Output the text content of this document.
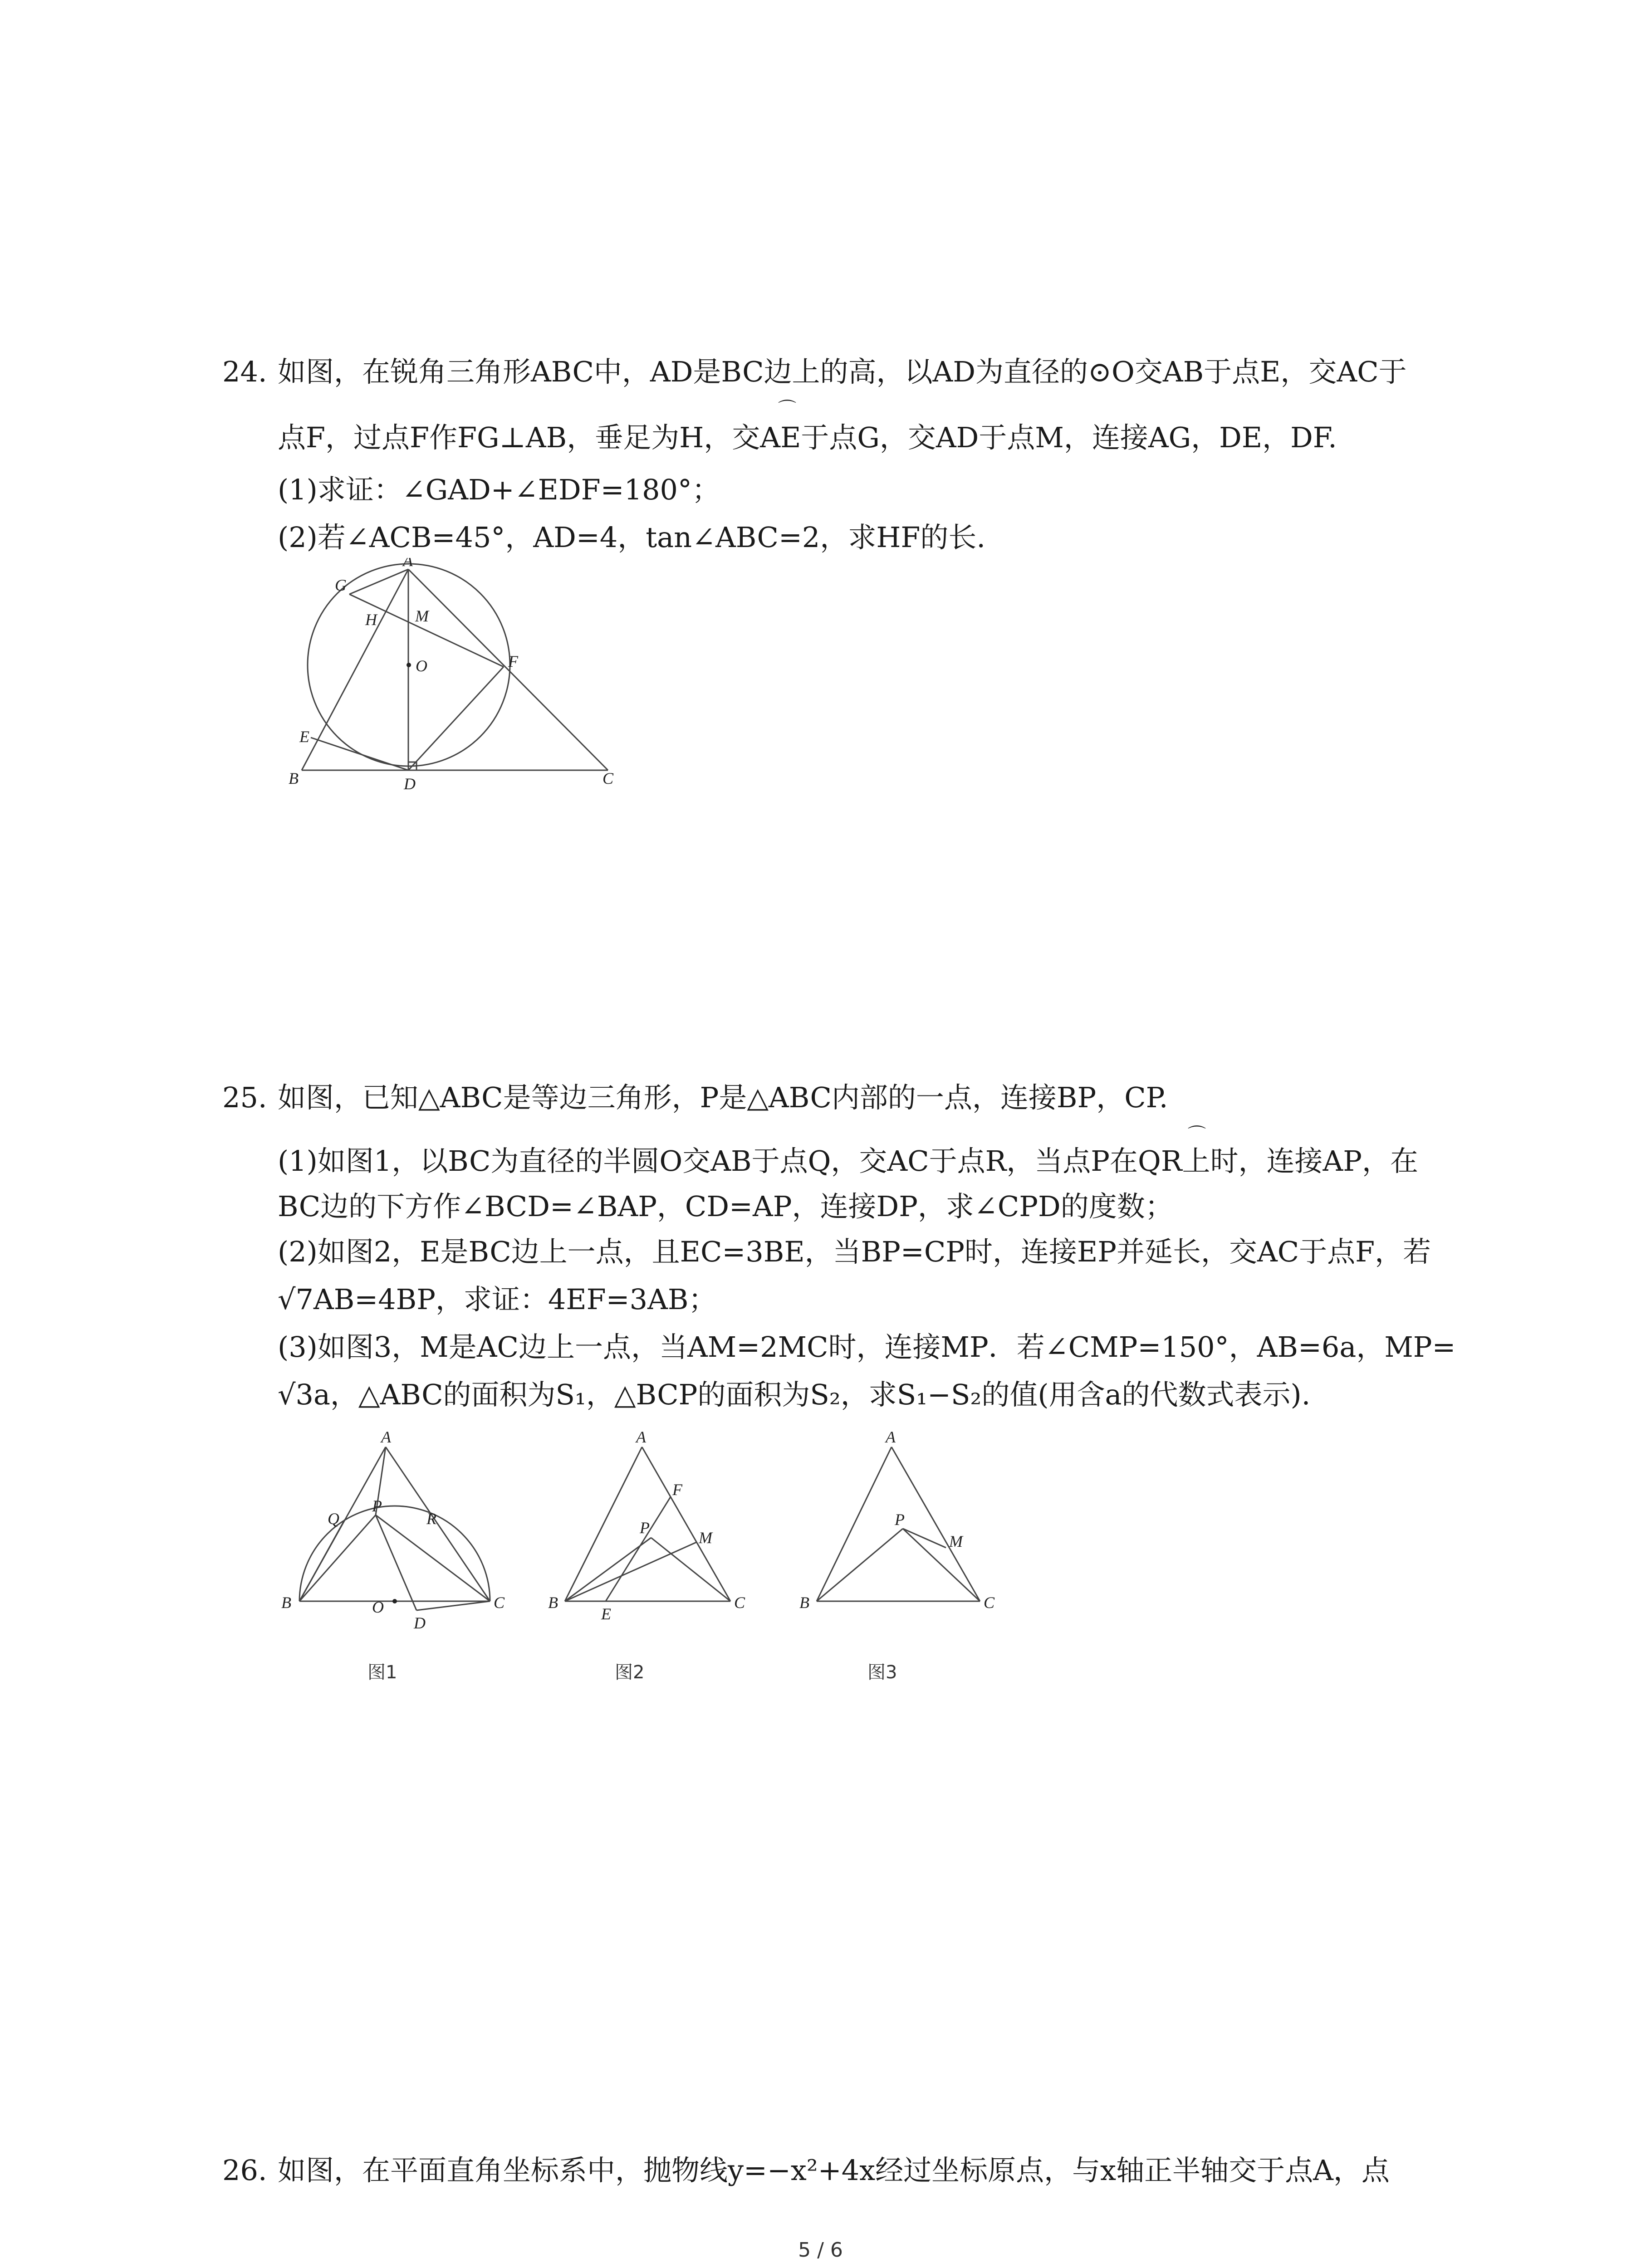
24. 如图，在锐角三角形ABC中，AD是BC边上的高，以AD为直径的⊙O交AB于点E，交AC于
⌒
点F，过点F作FG⊥AB，垂足为H，交AE于点G，交AD于点M，连接AG，DE，DF.
(1)求证：∠GAD+∠EDF=180°；
(2)若∠ACB=45°，AD=4，tan∠ABC=2，求HF的长.
A
G
H M
O	F
E
B	D	C
25. 如图，已知△ABC是等边三角形，P是△ABC内部的一点，连接BP，CP.
⌒
(1)如图1，以BC为直径的半圆O交AB于点Q，交AC于点R，当点P在QR上时，连接AP，在
BC边的下方作∠BCD=∠BAP，CD=AP，连接DP，求∠CPD的度数；
(2)如图2，E是BC边上一点，且EC=3BE，当BP=CP时，连接EP并延长，交AC于点F，若
√7AB=4BP，求证：4EF=3AB；
(3)如图3，M是AC边上一点，当AM=2MC时，连接MP．若∠CMP=150°，AB=6a，MP=
√3a，△ABC的面积为S₁，△BCP的面积为S₂，求S₁−S₂的值(用含a的代数式表示).
A
Q
P
R
B	O	C
D
图1
A
F
P
M
B
E
C
图2
A
P
M
B	C
图3
26. 如图，在平面直角坐标系中，抛物线y=−x²+4x经过坐标原点，与x轴正半轴交于点A，点
5 / 6
